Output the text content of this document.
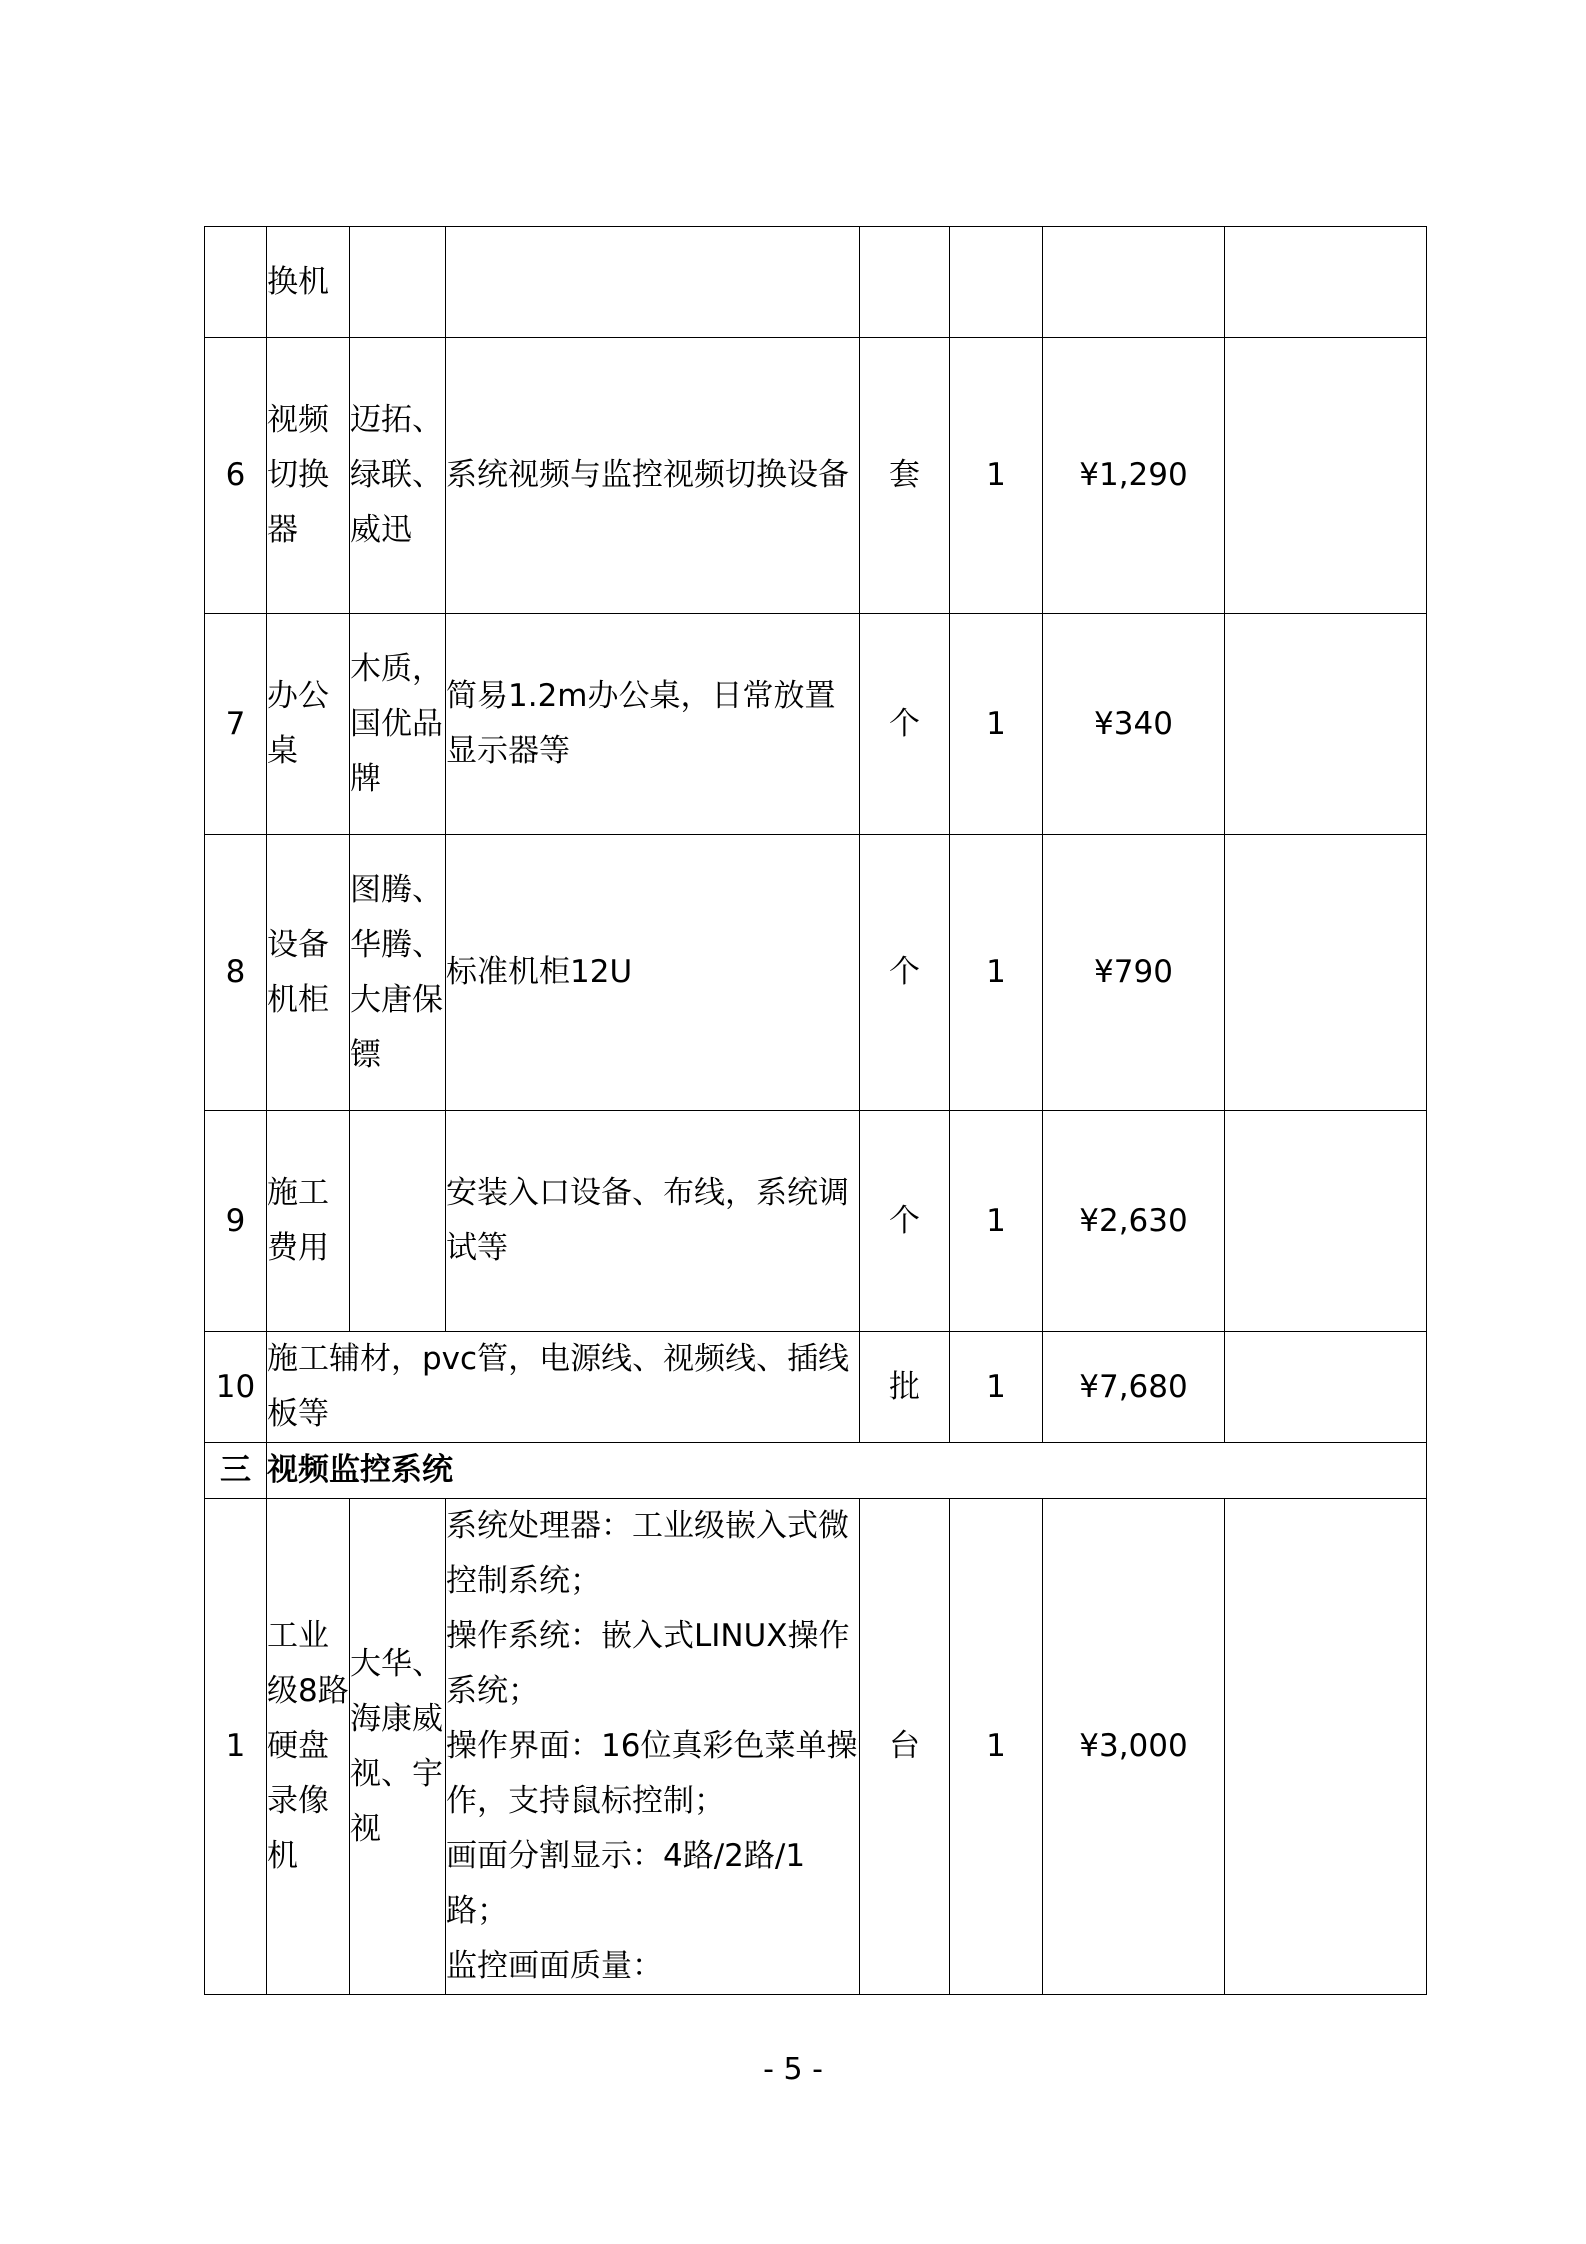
	换机						
6	视频切换器	迈拓、绿联、威迅	系统视频与监控视频切换设备	套	1	¥1,290	
7	办公桌	木质，国优品牌	简易1.2m办公桌，日常放置显示器等	个	1	¥340	
8	设备机柜	图腾、华腾、大唐保镖	标准机柜12U	个	1	¥790	
9	施工费用		安装入口设备、布线，系统调试等	个	1	¥2,630	
10	施工辅材，pvc管，电源线、视频线、插线板等			批	1	¥7,680	
三	视频监控系统						
1	工业级8路硬盘录像机	大华、海康威视、宇视	系统处理器：工业级嵌入式微控制系统；
操作系统：嵌入式LINUX操作系统；
操作界面：16位真彩色菜单操作，支持鼠标控制；
画面分割显示：4路/2路/1路；
监控画面质量：	台	1	¥3,000	
- 5 -
